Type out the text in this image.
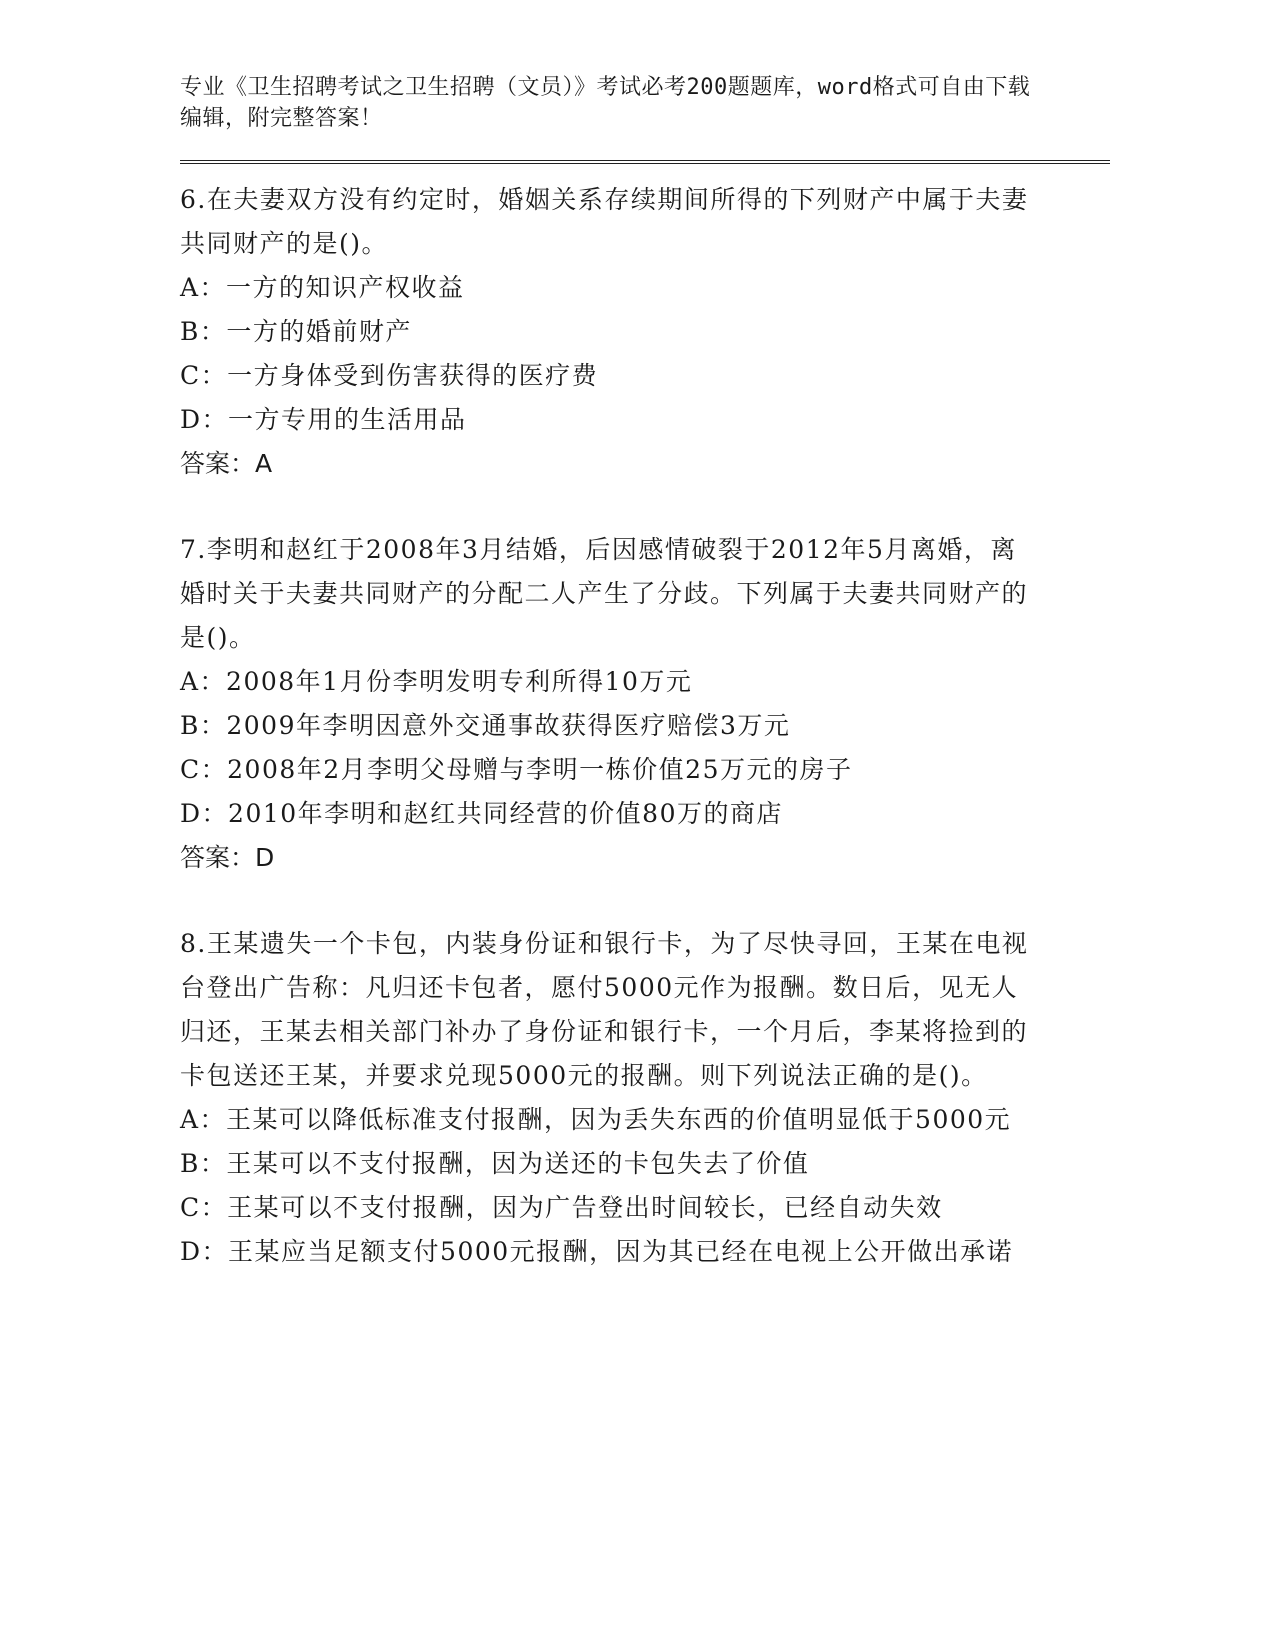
专业《卫生招聘考试之卫生招聘（文员）》考试必考200题题库，word格式可自由下载编辑，附完整答案！

6.在夫妻双方没有约定时，婚姻关系存续期间所得的下列财产中属于夫妻共同财产的是()。

A：一方的知识产权收益

B：一方的婚前财产

C：一方身体受到伤害获得的医疗费

D：一方专用的生活用品

答案：A

7.李明和赵红于2008年3月结婚，后因感情破裂于2012年5月离婚，离婚时关于夫妻共同财产的分配二人产生了分歧。下列属于夫妻共同财产的是()。

A：2008年1月份李明发明专利所得10万元

B：2009年李明因意外交通事故获得医疗赔偿3万元

C：2008年2月李明父母赠与李明一栋价值25万元的房子

D：2010年李明和赵红共同经营的价值80万的商店

答案：D

8.王某遗失一个卡包，内装身份证和银行卡，为了尽快寻回，王某在电视台登出广告称：凡归还卡包者，愿付5000元作为报酬。数日后，见无人归还，王某去相关部门补办了身份证和银行卡，一个月后，李某将捡到的卡包送还王某，并要求兑现5000元的报酬。则下列说法正确的是()。

A：王某可以降低标准支付报酬，因为丢失东西的价值明显低于5000元

B：王某可以不支付报酬，因为送还的卡包失去了价值

C：王某可以不支付报酬，因为广告登出时间较长，已经自动失效

D：王某应当足额支付5000元报酬，因为其已经在电视上公开做出承诺
